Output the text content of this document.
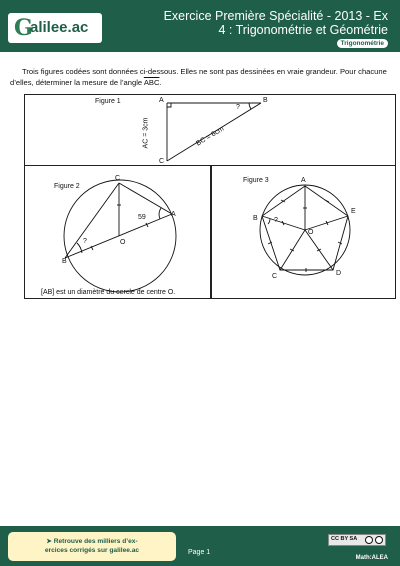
G
alilee.ac
Exercice Première Spécialité - 2013 - Ex
4 : Trigonométrie et Géométrie
Trigonométrie

Trois figures codées sont données ci-dessous. Elles ne sont pas dessinées en vraie grandeur. Pour chacune d’elles, déterminer la mesure de l’angle $\overline{ABC}$.

Figure 1	A	B
C
?
AC = 3cm	BC = 6cm
Figure 2
C
A
B
O
59
?
[AB] est un diamètre du cercle de centre O.
Figure 3	A
E
B
C	D
O
?
➤ Retrouve des milliers d’ex-
ercices corrigés sur galilee.ac	Page 1
CC BY SA
Math:ALEA
